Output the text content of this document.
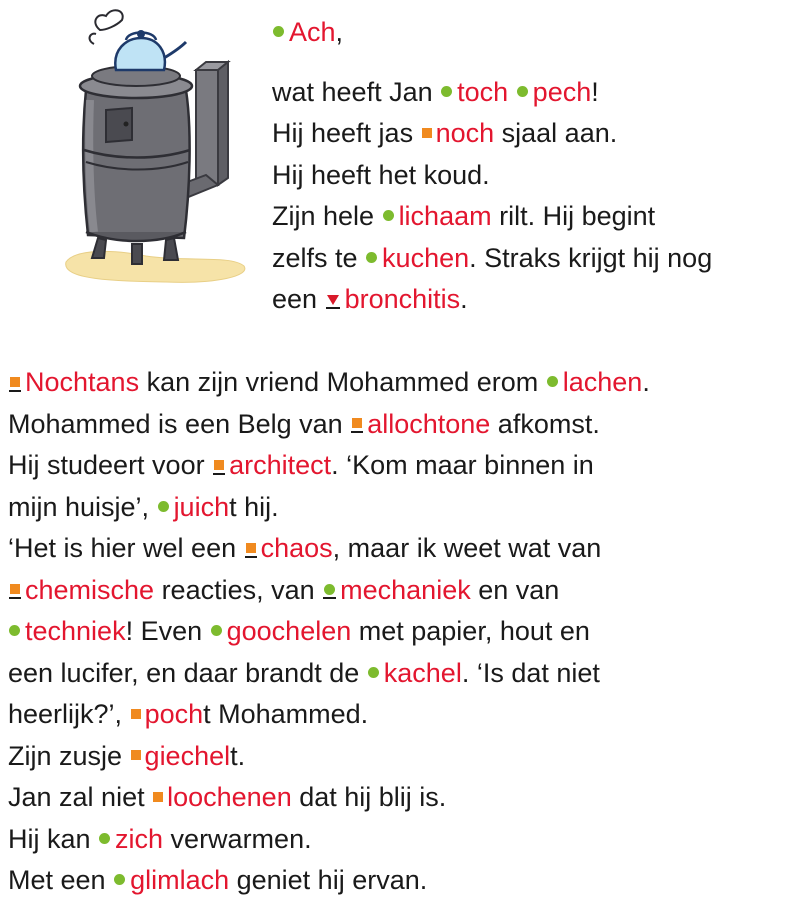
Ach,
wat heeft Jan toch pech!
Hij heeft jas noch sjaal aan.
Hij heeft het koud.
Zijn hele lichaam rilt. Hij begint
zelfs te kuchen. Straks krijgt hij nog
een bronchitis.
Nochtans kan zijn vriend Mohammed erom lachen.
Mohammed is een Belg van allochtone afkomst.
Hij studeert voor architect. ‘Kom maar binnen in
mijn huisje’, juicht hij.
‘Het is hier wel een chaos, maar ik weet wat van
chemische reacties, van mechaniek en van
techniek! Even goochelen met papier, hout en
een lucifer, en daar brandt de kachel. ‘Is dat niet
heerlijk?’, pocht Mohammed.
Zijn zusje giechelt.
Jan zal niet loochenen dat hij blij is.
Hij kan zich verwarmen.
Met een glimlach geniet hij ervan.
